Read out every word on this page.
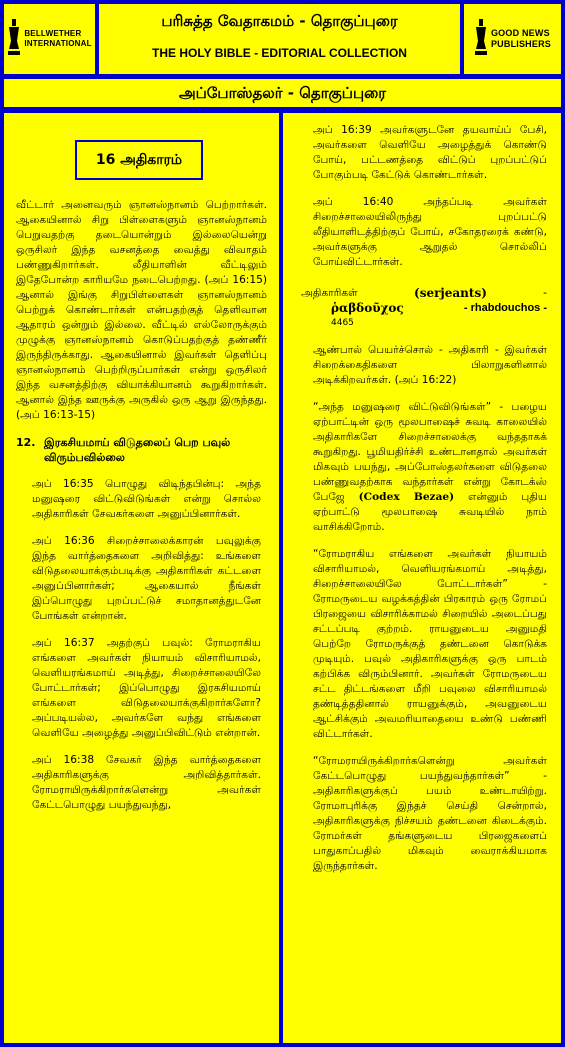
BELLWETHER
INTERNATIONAL
பரிசுத்த வேதாகமம் - தொகுப்புரை
THE HOLY BIBLE - EDITORIAL COLLECTION
GOOD NEWS
PUBLISHERS
அப்போஸ்தலர் - தொகுப்புரை
16 அதிகாரம்

வீட்டார் அனைவரும் ஞானஸ்நானம் பெற்றார்கள். ஆகையினால் சிறு பிள்ளைகளும் ஞானஸ்நானம் பெறுவதற்கு தடையொன்றும் இல்லையென்று ஒருசிலர் இந்த வசனத்தை வைத்து விவாதம் பண்ணுகிறார்கள். லீதியாளின் வீட்டிலும் இதேபோன்ற காரியமே நடைபெற்றது. (அப் 16:15) ஆனால் இங்கு சிறுபிள்ளைகள் ஞானஸ்நானம் பெற்றுக் கொண்டார்கள் என்பதற்குத் தெளிவான ஆதாரம் ஒன்றும் இல்லை. வீட்டில் எல்லோருக்கும் முழுக்கு ஞானஸ்நானம் கொடுப்பதற்குத் தண்ணீர் இருந்திருக்காது. ஆகையினால் இவர்கள் தெளிப்பு ஞானஸ்நானம் பெற்றிருப்பார்கள் என்று ஒருசிலர் இந்த வசனத்திற்கு வியாக்கியானம் கூறுகிறார்கள். ஆனால் இந்த ஊருக்கு அருகில் ஒரு ஆறு இருந்தது. (அப் 16:13-15)

12. இரகசியமாய் விடுதலைப் பெற பவுல் விரும்பவில்லை

அப் 16:35 பொழுது விடிந்தபின்பு: அந்த மனுஷரை விட்டுவிடுங்கள் என்று சொல்ல அதிகாரிகள் சேவகர்களை அனுப்பினார்கள்.

அப் 16:36 சிறைச்சாலைக்காரன் பவுலுக்கு இந்த வார்த்தைகளை அறிவித்து: உங்களை விடுதலையாக்கும்படிக்கு அதிகாரிகள் கட்டளை அனுப்பினார்கள்; ஆகையால் நீங்கள் இப்பொழுது புறப்பட்டுச் சமாதானத்துடனே போங்கள் என்றான்.

அப் 16:37 அதற்குப் பவுல்: ரோமராகிய எங்களை அவர்கள் நியாயம் விசாரியாமல், வெளியரங்கமாய் அடித்து, சிறைச்சாலையிலே போட்டார்கள்; இப்பொழுது இரகசியமாய் எங்களை விடுதலையாக்குகிறார்களோ? அப்படியல்ல, அவர்களே வந்து எங்களை வெளியே அழைத்து அனுப்பிவிட்டும் என்றான்.

அப் 16:38 சேவகர் இந்த வார்த்தைகளை அதிகாரிகளுக்கு அறிவித்தார்கள். ரோமராயிருக்கிறார்களென்று அவர்கள் கேட்டபொழுது பயந்துவந்து,

அப் 16:39 அவர்களுடனே தயவாய்ப் பேசி, அவர்களை வெளியே அழைத்துக் கொண்டு போய், பட்டணத்தை விட்டுப் புறப்பட்டுப் போகும்படி கேட்டுக் கொண்டார்கள்.

அப் 16:40 அந்தப்படி அவர்கள் சிறைச்சாலையிலிருந்து புறப்பட்டு லீதியாளிடத்திற்குப் போய், சகோதரரைக் கண்டு, அவர்களுக்கு ஆறுதல் சொல்லிப் போய்விட்டார்கள்.

அதிகாரிகள்	(serjeants)	-
ῥαβδοῦχος	- rhabdouchos -
4465

ஆண்பால் பெயர்ச்சொல் - அதிகாரி - இவர்கள் சிறைக்கைதிகளை பிலாறுகளினால் அடிக்கிறவர்கள். (அப் 16:22)

“அந்த மனுஷரை விட்டுவிடுங்கள்” - பழைய ஏற்பாட்டின் ஒரு மூலபாஷைச் சுவடி காலையில் அதிகாரிகளே சிறைச்சாலைக்கு வந்ததாகக் கூறுகிறது. பூமியதிர்ச்சி உண்டானதால் அவர்கள் மிகவும் பயந்து, அப்போஸ்தலர்களை விடுதலை பண்ணுவதற்காக வந்தார்கள் என்று கோடக்ஸ் பேஜே (Codex Bezae) என்னும் புதிய ஏற்பாட்டு மூலபாஷை சுவடியில் நாம் வாசிக்கிறோம்.

“ரோமராகிய எங்களை அவர்கள் நியாயம் விசாரியாமல், வெளியரங்கமாய் அடித்து, சிறைச்சாலையிலே போட்டார்கள்” - ரோமருடைய வழக்கத்தின் பிரகாரம் ஒரு ரோமப் பிரஜையை விசாரிக்காமல் சிறையில் அடைப்பது சட்டப்படி குற்றம். ராயனுடைய அனுமதி பெற்றே ரோமருக்குத் தண்டனை கொடுக்க முடியும். பவுல் அதிகாரிகளுக்கு ஒரு பாடம் கற்பிக்க விரும்பினார். அவர்கள் ரோமருடைய சட்ட திட்டங்களை மீறி பவுலை விசாரியாமல் தண்டித்ததினால் ராயனுக்கும், அவனுடைய ஆட்சிக்கும் அவமரியாதையை உண்டு பண்ணி விட்டார்கள்.

“ரோமராயிருக்கிறார்களென்று அவர்கள் கேட்டபொழுது பயந்துவந்தார்கள்” - அதிகாரிகளுக்குப் பயம் உண்டாயிற்று. ரோமாபுரிக்கு இந்தச் செய்தி சென்றால், அதிகாரிகளுக்கு நிச்சயம் தண்டனை கிடைக்கும். ரோமர்கள் தங்களுடைய பிரஜைகளைப் பாதுகாப்பதில் மிகவும் வைராக்கியமாக இருந்தார்கள்.
